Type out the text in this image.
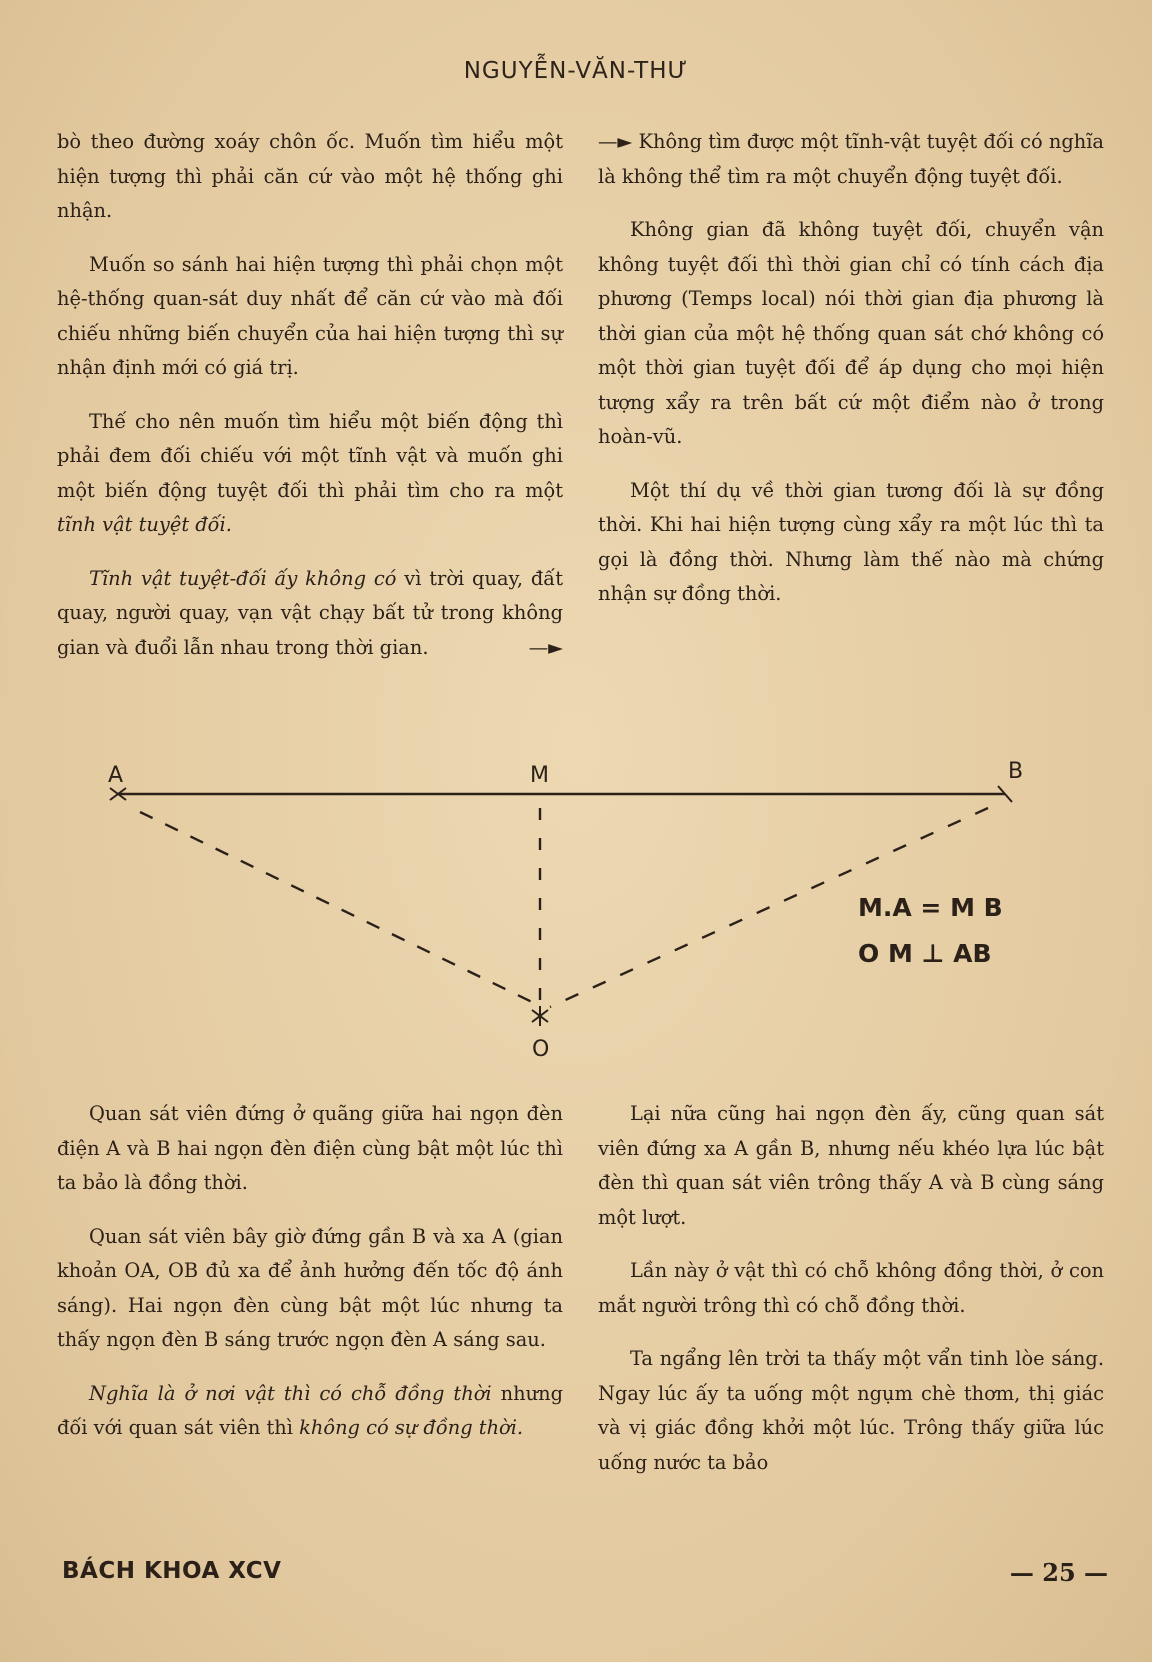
NGUYỄN-VĂN-THƯ

bò theo đường xoáy chôn ốc. Muốn tìm hiểu một hiện tượng thì phải căn cứ vào một hệ thống ghi nhận.

Muốn so sánh hai hiện tượng thì phải chọn một hệ-thống quan-sát duy nhất để căn cứ vào mà đối chiếu những biến chuyển của hai hiện tượng thì sự nhận định mới có giá trị.

Thế cho nên muốn tìm hiểu một biến động thì phải đem đối chiếu với một tĩnh vật và muốn ghi một biến động tuyệt đối thì phải tìm cho ra một tĩnh vật tuyệt đối.

Tĩnh vật tuyệt-đối ấy không có vì trời quay, đất quay, người quay, vạn vật chạy bất tử trong không gian và đuổi lẫn nhau trong thời gian.	—►

—► Không tìm được một tĩnh-vật tuyệt đối có nghĩa là không thể tìm ra một chuyển động tuyệt đối.

Không gian đã không tuyệt đối, chuyển vận không tuyệt đối thì thời gian chỉ có tính cách địa phương (Temps local) nói thời gian địa phương là thời gian của một hệ thống quan sát chớ không có một thời gian tuyệt đối để áp dụng cho mọi hiện tượng xẩy ra trên bất cứ một điểm nào ở trong hoàn-vũ.

Một thí dụ về thời gian tương đối là sự đồng thời. Khi hai hiện tượng cùng xẩy ra một lúc thì ta gọi là đồng thời. Nhưng làm thế nào mà chứng nhận sự đồng thời.

A	M	B
O
M.A = M B
O M ⊥ AB

Quan sát viên đứng ở quãng giữa hai ngọn đèn điện A và B hai ngọn đèn điện cùng bật một lúc thì ta bảo là đồng thời.

Quan sát viên bây giờ đứng gần B và xa A (gian khoản OA, OB đủ xa để ảnh hưởng đến tốc độ ánh sáng). Hai ngọn đèn cùng bật một lúc nhưng ta thấy ngọn đèn B sáng trước ngọn đèn A sáng sau.

Nghĩa là ở nơi vật thì có chỗ đồng thời nhưng đối với quan sát viên thì không có sự đồng thời.

Lại nữa cũng hai ngọn đèn ấy, cũng quan sát viên đứng xa A gần B, nhưng nếu khéo lựa lúc bật đèn thì quan sát viên trông thấy A và B cùng sáng một lượt.

Lần này ở vật thì có chỗ không đồng thời, ở con mắt người trông thì có chỗ đồng thời.

Ta ngẩng lên trời ta thấy một vẩn tinh lòe sáng. Ngay lúc ấy ta uống một ngụm chè thơm, thị giác và vị giác đồng khởi một lúc. Trông thấy giữa lúc uống nước ta bảo

BÁCH KHOA XCV	— 25 —
